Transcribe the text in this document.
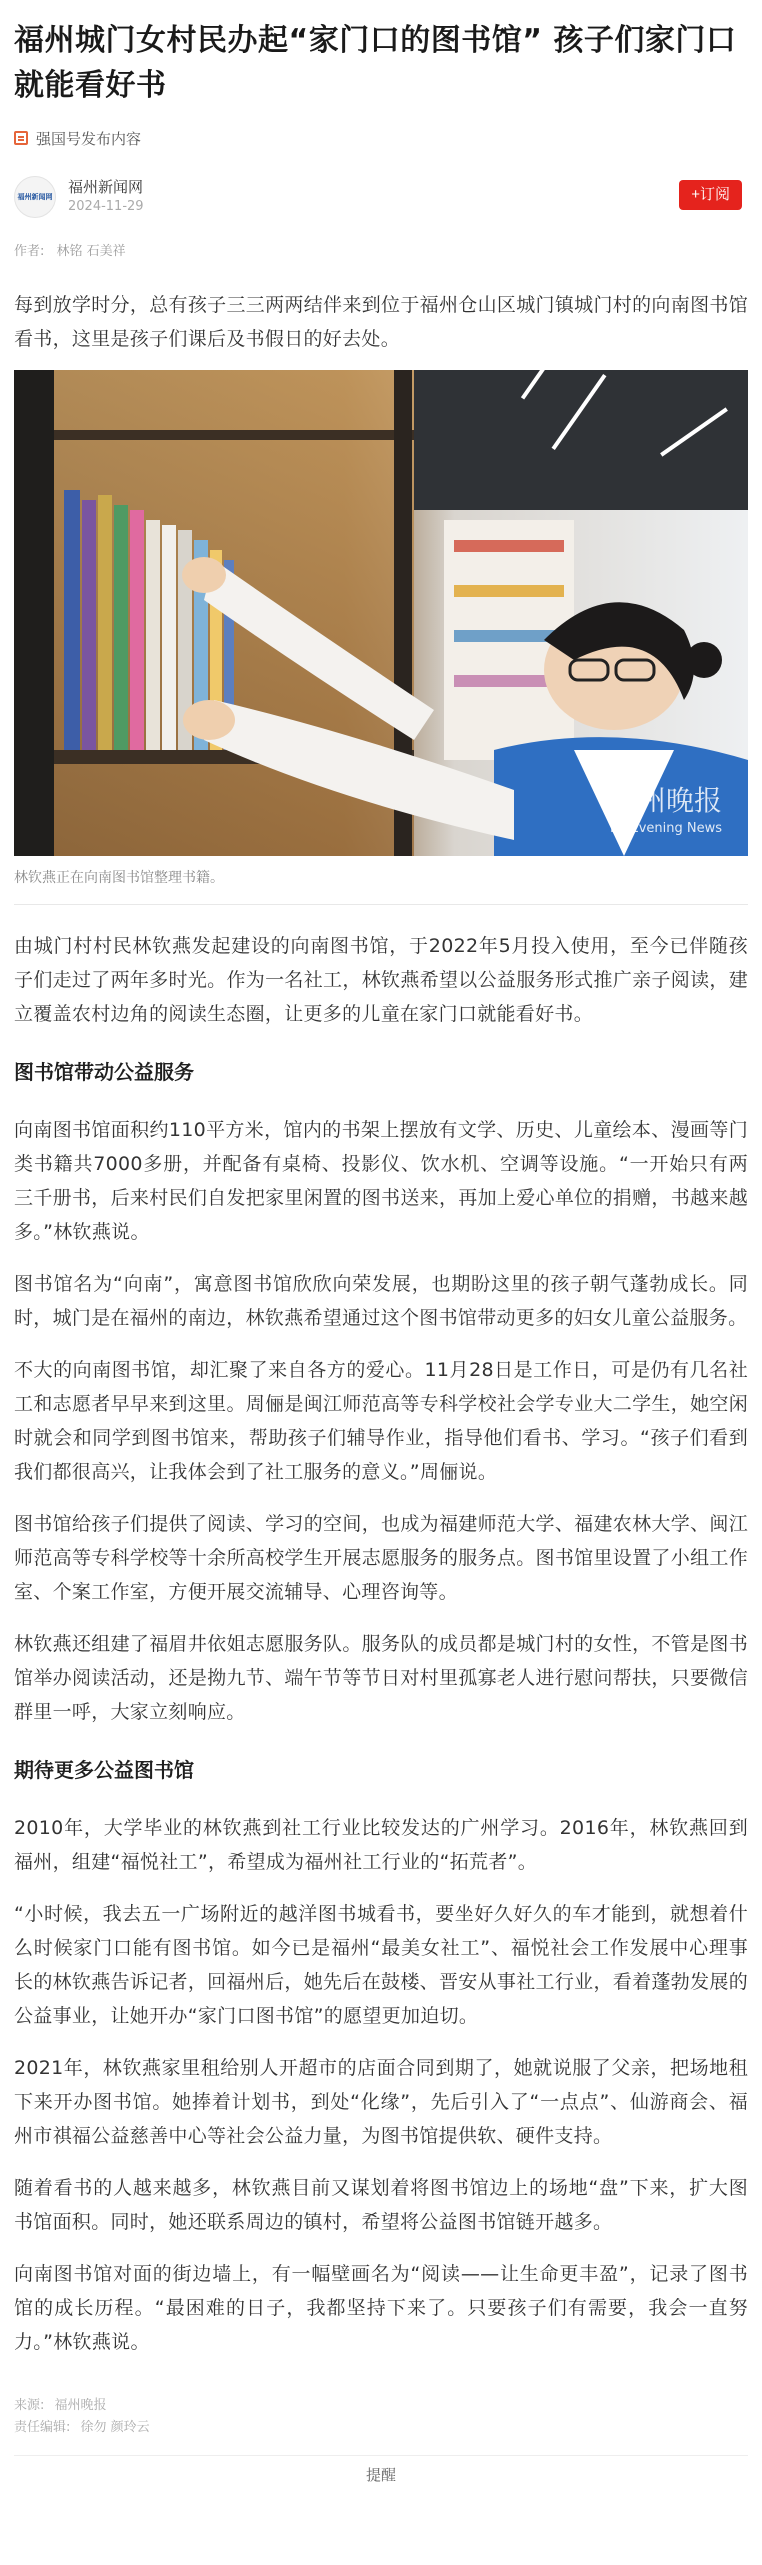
福州城门女村民办起“家门口的图书馆” 孩子们家门口就能看好书
强国号发布内容
福州新闻网
福州新闻网
2024-11-29
+订阅
作者: 林铭 石美祥

每到放学时分，总有孩子三三两两结伴来到位于福州仓山区城门镇城门村的向南图书馆看书，这里是孩子们课后及书假日的好去处。

福州晚报
FZ Evening News
林钦燕正在向南图书馆整理书籍。

由城门村村民林钦燕发起建设的向南图书馆，于2022年5月投入使用，至今已伴随孩子们走过了两年多时光。作为一名社工，林钦燕希望以公益服务形式推广亲子阅读，建立覆盖农村边角的阅读生态圈，让更多的儿童在家门口就能看好书。

图书馆带动公益服务

向南图书馆面积约110平方米，馆内的书架上摆放有文学、历史、儿童绘本、漫画等门类书籍共7000多册，并配备有桌椅、投影仪、饮水机、空调等设施。“一开始只有两三千册书，后来村民们自发把家里闲置的图书送来，再加上爱心单位的捐赠，书越来越多。”林钦燕说。

图书馆名为“向南”，寓意图书馆欣欣向荣发展，也期盼这里的孩子朝气蓬勃成长。同时，城门是在福州的南边，林钦燕希望通过这个图书馆带动更多的妇女儿童公益服务。

不大的向南图书馆，却汇聚了来自各方的爱心。11月28日是工作日，可是仍有几名社工和志愿者早早来到这里。周俪是闽江师范高等专科学校社会学专业大二学生，她空闲时就会和同学到图书馆来，帮助孩子们辅导作业，指导他们看书、学习。“孩子们看到我们都很高兴，让我体会到了社工服务的意义。”周俪说。

图书馆给孩子们提供了阅读、学习的空间，也成为福建师范大学、福建农林大学、闽江师范高等专科学校等十余所高校学生开展志愿服务的服务点。图书馆里设置了小组工作室、个案工作室，方便开展交流辅导、心理咨询等。

林钦燕还组建了福眉井依姐志愿服务队。服务队的成员都是城门村的女性，不管是图书馆举办阅读活动，还是拗九节、端午节等节日对村里孤寡老人进行慰问帮扶，只要微信群里一呼，大家立刻响应。

期待更多公益图书馆

2010年，大学毕业的林钦燕到社工行业比较发达的广州学习。2016年，林钦燕回到福州，组建“福悦社工”，希望成为福州社工行业的“拓荒者”。

“小时候，我去五一广场附近的越洋图书城看书，要坐好久好久的车才能到，就想着什么时候家门口能有图书馆。如今已是福州“最美女社工”、福悦社会工作发展中心理事长的林钦燕告诉记者，回福州后，她先后在鼓楼、晋安从事社工行业，看着蓬勃发展的公益事业，让她开办“家门口图书馆”的愿望更加迫切。

2021年，林钦燕家里租给别人开超市的店面合同到期了，她就说服了父亲，把场地租下来开办图书馆。她捧着计划书，到处“化缘”，先后引入了“一点点”、仙游商会、福州市祺福公益慈善中心等社会公益力量，为图书馆提供软、硬件支持。

随着看书的人越来越多，林钦燕目前又谋划着将图书馆边上的场地“盘”下来，扩大图书馆面积。同时，她还联系周边的镇村，希望将公益图书馆链开越多。

向南图书馆对面的街边墙上，有一幅壁画名为“阅读——让生命更丰盈”，记录了图书馆的成长历程。“最困难的日子，我都坚持下来了。只要孩子们有需要，我会一直努力。”林钦燕说。

来源: 福州晚报
责任编辑: 徐勿 颜玲云
提醒
